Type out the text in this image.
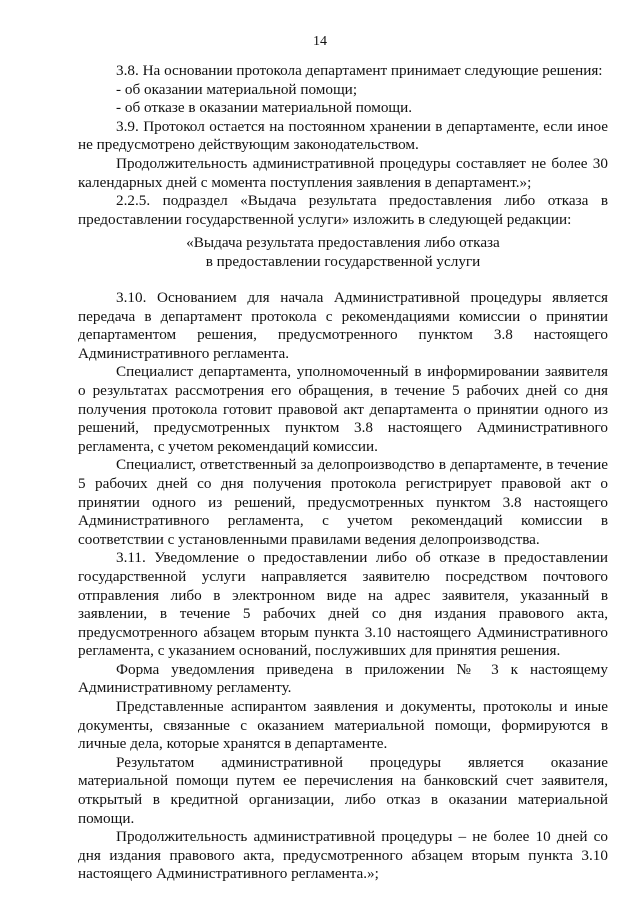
14

3.8. На основании протокола департамент принимает следующие решения:

- об оказании материальной помощи;

- об отказе в оказании материальной помощи.

3.9. Протокол остается на постоянном хранении в департаменте, если иное не предусмотрено действующим законодательством.

Продолжительность административной процедуры составляет не более 30 календарных дней с момента поступления заявления в департамент.»;

2.2.5. подраздел «Выдача результата предоставления либо отказа в предоставлении государственной услуги» изложить в следующей редакции:

«Выдача результата предоставления либо отказа

в предоставлении государственной услуги

3.10. Основанием для начала Административной процедуры является передача в департамент протокола с рекомендациями комиссии о принятии департаментом решения, предусмотренного пунктом 3.8 настоящего Административного регламента.

Специалист департамента, уполномоченный в информировании заявителя о результатах рассмотрения его обращения, в течение 5 рабочих дней со дня получения протокола готовит правовой акт департамента о принятии одного из решений, предусмотренных пунктом 3.8 настоящего Административного регламента, с учетом рекомендаций комиссии.

Специалист, ответственный за делопроизводство в департаменте, в течение 5 рабочих дней со дня получения протокола регистрирует правовой акт о принятии одного из решений, предусмотренных пунктом 3.8 настоящего Административного регламента, с учетом рекомендаций комиссии в соответствии с установленными правилами ведения делопроизводства.

3.11. Уведомление о предоставлении либо об отказе в предоставлении государственной услуги направляется заявителю посредством почтового отправления либо в электронном виде на адрес заявителя, указанный в заявлении, в течение 5 рабочих дней со дня издания правового акта, предусмотренного абзацем вторым пункта 3.10 настоящего Административного регламента, с указанием оснований, послуживших для принятия решения.

Форма уведомления приведена в приложении № 3 к настоящему Административному регламенту.

Представленные аспирантом заявления и документы, протоколы и иные документы, связанные с оказанием материальной помощи, формируются в личные дела, которые хранятся в департаменте.

Результатом административной процедуры является оказание материальной помощи путем ее перечисления на банковский счет заявителя, открытый в кредитной организации, либо отказ в оказании материальной помощи.

Продолжительность административной процедуры – не более 10 дней со дня издания правового акта, предусмотренного абзацем вторым пункта 3.10 настоящего Административного регламента.»;
